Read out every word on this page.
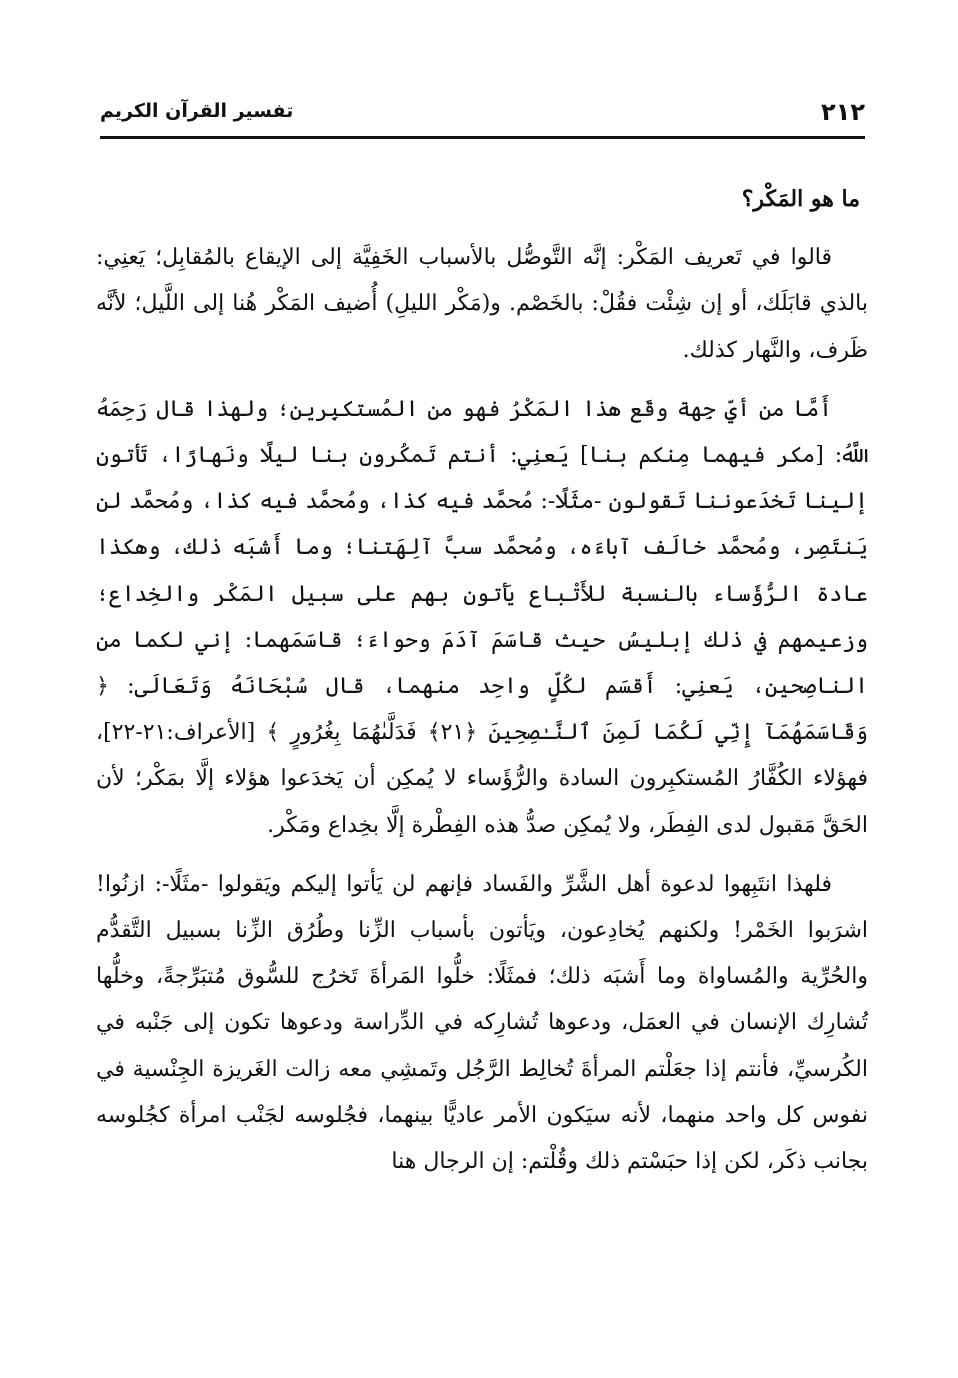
٢١٢
تفسير القرآن الكريم

ما هو المَكْر؟

قالوا في تَعريف المَكْر: إنَّه التَّوصُّل بالأسباب الخَفِيَّة إلى الإيقاع بالمُقابِل؛ يَعنِي: بالذي قابَلَك، أو إن شِئْت فقُلْ: بالخَصْم. و(مَكْر الليلِ) أُضيف المَكْر هُنا إلى اللَّيل؛ لأنَّه ظَرف، والنَّهار كذلك.

أَمَّا من أيِّ جِهة وقَع هذا المَكْرُ فهو من المُستكبِرين؛ ولهذا قال رَحِمَهُ اللَّهُ: [مكر فيهما مِنكم بنا] يَعنِي: أنتم تَمكُرون بنا ليلًا ونَهارًا، تَأتون إلينا تَخدَعوننا تَقولون -مثَلًا-: مُحمَّد فيه كذا، ومُحمَّد فيه كذا، ومُحمَّد لن يَنتَصِر، ومُحمَّد خالَف آباءَه، ومُحمَّد سبَّ آلِهَتنا؛ وما أَشبَه ذلك، وهكذا عادة الرُّؤَساء بالنسبة للأَتْباع يَأتون بهم على سبيل المَكْر والخِداع؛ وزعيمهم في ذلك إبليسُ حيث قاسَمَ آدَمَ وحواءَ؛ قاسَمَهما: إني لكما من الناصِحين، يَعنِي: أَقسَم لكُلٍّ واحِد منهما، قال سُبْحَانَهُ وَتَعَالَى: ﴿ وَقَاسَمَهُمَآ إِنِّي لَكُمَا لَمِنَ ٱلنَّـٰصِحِينَ ﴿٢١﴾ فَدَلَّىٰهُمَا بِغُرُورٍ ﴾ [الأعراف:٢١-٢٢]، فهؤلاء الكُفَّارُ المُستكبِرون السادة والرُّؤَساء لا يُمكِن أن يَخدَعوا هؤلاء إلَّا بمَكْر؛ لأن الحَقَّ مَقبول لدى الفِطَر، ولا يُمكِن صدُّ هذه الفِطْرة إلَّا بخِداع ومَكْر.

فلهذا انتَبِهوا لدعوة أهل الشَّرِّ والفَساد فإنهم لن يَأتوا إليكم ويَقولوا -مثَلًا-: ازنُوا! اشرَبوا الخَمْر! ولكنهم يُخادِعون، ويَأتون بأسباب الزِّنا وطُرُق الزِّنا بسبيل التَّقدُّم والحُرِّية والمُساواة وما أَشبَه ذلك؛ فمثَلًا: خلُّوا المَرأةَ تَخرُج للسُّوق مُتبَرِّجةً، وخلُّها تُشارِك الإنسان في العمَل، ودعوها تُشارِكه في الدِّراسة ودعوها تكون إلى جَنْبه في الكُرسيِّ، فأنتم إذا جعَلْتم المرأةَ تُخالِط الرَّجُل وتَمشِي معه زالت الغَريزة الجِنْسية في نفوس كل واحد منهما، لأنه سيَكون الأمر عاديًّا بينهما، فجُلوسه لجَنْب امرأة كجُلوسه بجانب ذكَر، لكن إذا حبَسْتم ذلك وقُلْتم: إن الرجال هنا
